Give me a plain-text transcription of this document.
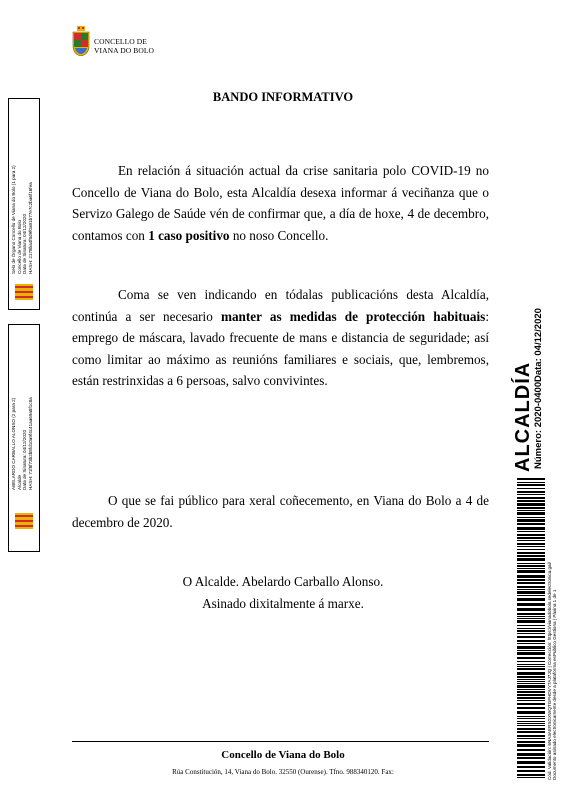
CONCELLO DE
VIANA DO BOLO
BANDO INFORMATIVO
En relación á situación actual da crise sanitaria polo COVID-19 no Concello de Viana do Bolo, esta Alcaldía desexa informar á veciñanza que o Servizo Galego de Saúde vén de confirmar que, a día de hoxe, 4 de decembro, contamos con 1 caso positivo no noso Concello.
Coma se ven indicando en tódalas publicacións desta Alcaldía, continúa a ser necesario manter as medidas de protección habituais: emprego de máscara, lavado frecuente de mans e distancia de seguridade; así como limitar ao máximo as reunións familiares e sociais, que, lembremos, están restrinxidas a 6 persoas, salvo convivintes.
O que se fai público para xeral coñecemento, en Viana do Bolo a 4 de decembro de 2020.
O Alcalde. Abelardo Carballo Alonso.
Asinado dixitalmente á marxe.
Concello de Viana do Bolo
Rúa Constitución, 14, Viana do Bolo. 32550 (Ourense). Tfno. 988340120. Fax:
Selo de Órgano Concello de Viana do Bolo (1 para 2) Concello de Viana do Bolo Data de Sinatura: 04/12/2020 HASH: 2178ba4f8d9f0a91b77e7c2ba6f16fea
ABELARDO CARBALLO ALONSO (2 para 2) Alcalde Data de Sinatura: 04/12/2020 HASH: 71f8f73b2b8fd10a9f4c41aa69a8f1c8a	ALCALDÍA Número: 2020-0400
Data: 04/12/2020
Cód. Validación: 6NA3AERSGXWQTGFHDVY7AJ7JQ | Corrección: https://vianadobolo.sedelectronica.gal/ Documento asinado electronicamente desde a plataforma esPublico Gestiona | Páxina 1 de 1
